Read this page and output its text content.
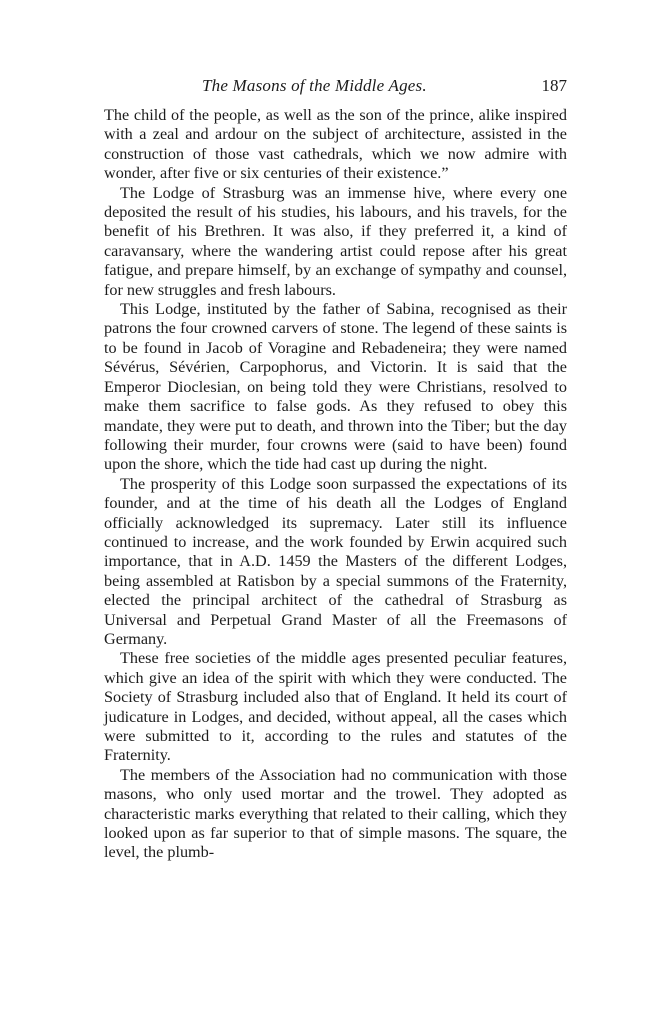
The Masons of the Middle Ages.	187

The child of the people, as well as the son of the prince, alike inspired with a zeal and ardour on the subject of architecture, assisted in the construction of those vast cathedrals, which we now admire with wonder, after five or six centuries of their existence.”

The Lodge of Strasburg was an immense hive, where every one deposited the result of his studies, his labours, and his travels, for the benefit of his Brethren. It was also, if they preferred it, a kind of caravansary, where the wandering artist could repose after his great fatigue, and prepare himself, by an exchange of sympathy and counsel, for new struggles and fresh labours.

This Lodge, instituted by the father of Sabina, recognised as their patrons the four crowned carvers of stone. The legend of these saints is to be found in Jacob of Voragine and Rebadeneira; they were named Sévérus, Sévérien, Carpophorus, and Victorin. It is said that the Emperor Dioclesian, on being told they were Christians, resolved to make them sacrifice to false gods. As they refused to obey this mandate, they were put to death, and thrown into the Tiber; but the day following their murder, four crowns were (said to have been) found upon the shore, which the tide had cast up during the night.

The prosperity of this Lodge soon surpassed the expectations of its founder, and at the time of his death all the Lodges of England officially acknowledged its supremacy. Later still its influence continued to increase, and the work founded by Erwin acquired such importance, that in A.D. 1459 the Masters of the different Lodges, being assembled at Ratisbon by a special summons of the Fraternity, elected the principal architect of the cathedral of Strasburg as Universal and Perpetual Grand Master of all the Freemasons of Germany.

These free societies of the middle ages presented peculiar features, which give an idea of the spirit with which they were conducted. The Society of Strasburg included also that of England. It held its court of judicature in Lodges, and decided, without appeal, all the cases which were submitted to it, according to the rules and statutes of the Fraternity.

The members of the Association had no communication with those masons, who only used mortar and the trowel. They adopted as characteristic marks everything that related to their calling, which they looked upon as far superior to that of simple masons. The square, the level, the plumb-
